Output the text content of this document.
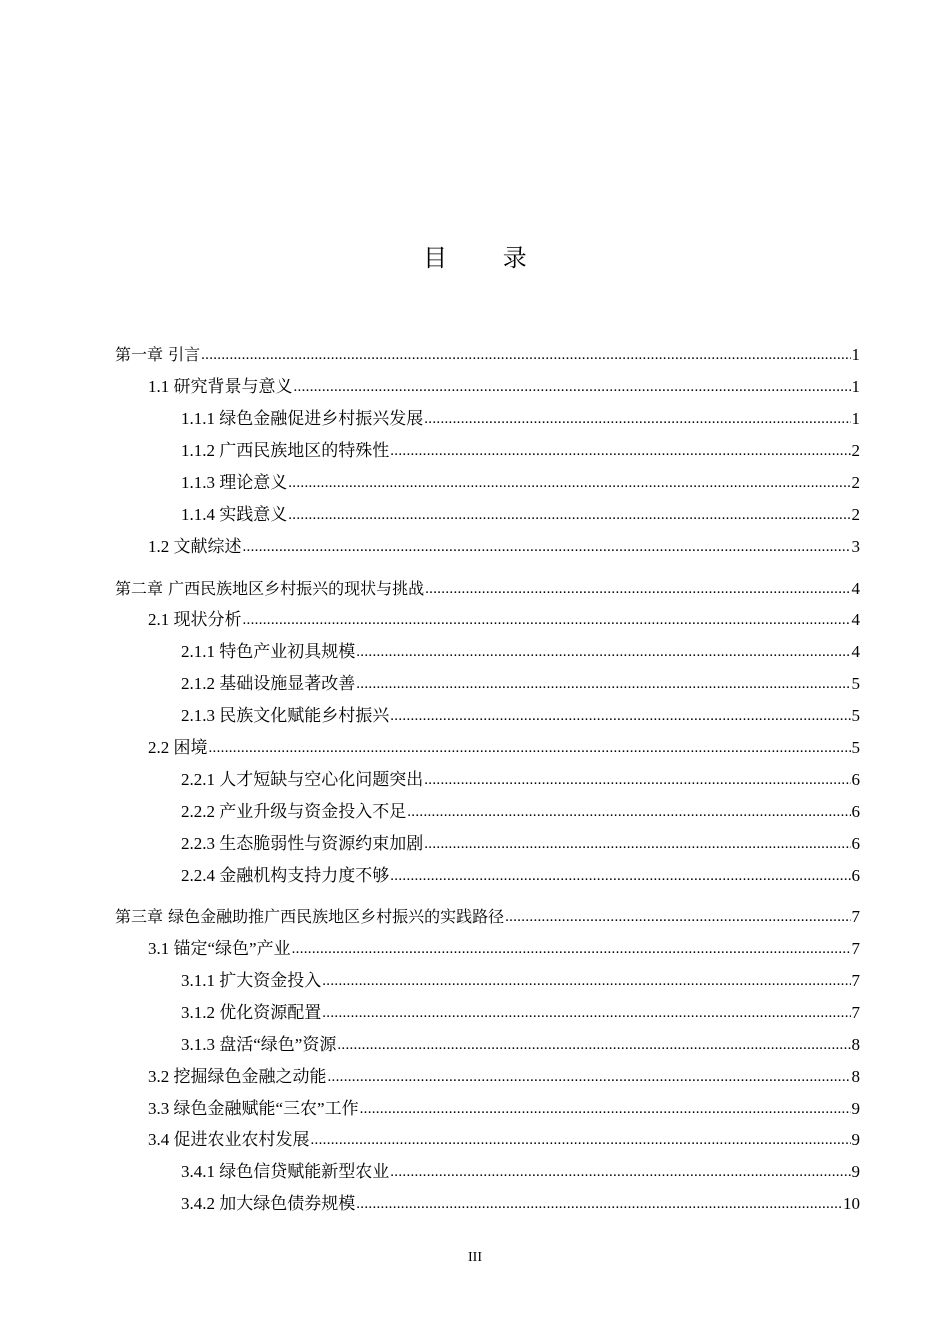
目 录
第一章 引言 .....	1
1.1 研究背景与意义 .....	1
1.1.1 绿色金融促进乡村振兴发展 .....	1
1.1.2 广西民族地区的特殊性 .....	2
1.1.3 理论意义 .....	2
1.1.4 实践意义 .....	2
1.2 文献综述 .....	3
第二章 广西民族地区乡村振兴的现状与挑战 .....	4
2.1 现状分析 .....	4
2.1.1 特色产业初具规模 .....	4
2.1.2 基础设施显著改善 .....	5
2.1.3 民族文化赋能乡村振兴 .....	5
2.2 困境 .....	5
2.2.1 人才短缺与空心化问题突出 .....	6
2.2.2 产业升级与资金投入不足 .....	6
2.2.3 生态脆弱性与资源约束加剧 .....	6
2.2.4 金融机构支持力度不够 .....	6
第三章 绿色金融助推广西民族地区乡村振兴的实践路径 .....	7
3.1 锚定“绿色”产业 .....	7
3.1.1 扩大资金投入 .....	7
3.1.2 优化资源配置 .....	7
3.1.3 盘活“绿色”资源 .....	8
3.2 挖掘绿色金融之动能 .....	8
3.3 绿色金融赋能“三农”工作 .....	9
3.4 促进农业农村发展 .....	9
3.4.1 绿色信贷赋能新型农业 .....	9
3.4.2 加大绿色债券规模 .....	10
III
